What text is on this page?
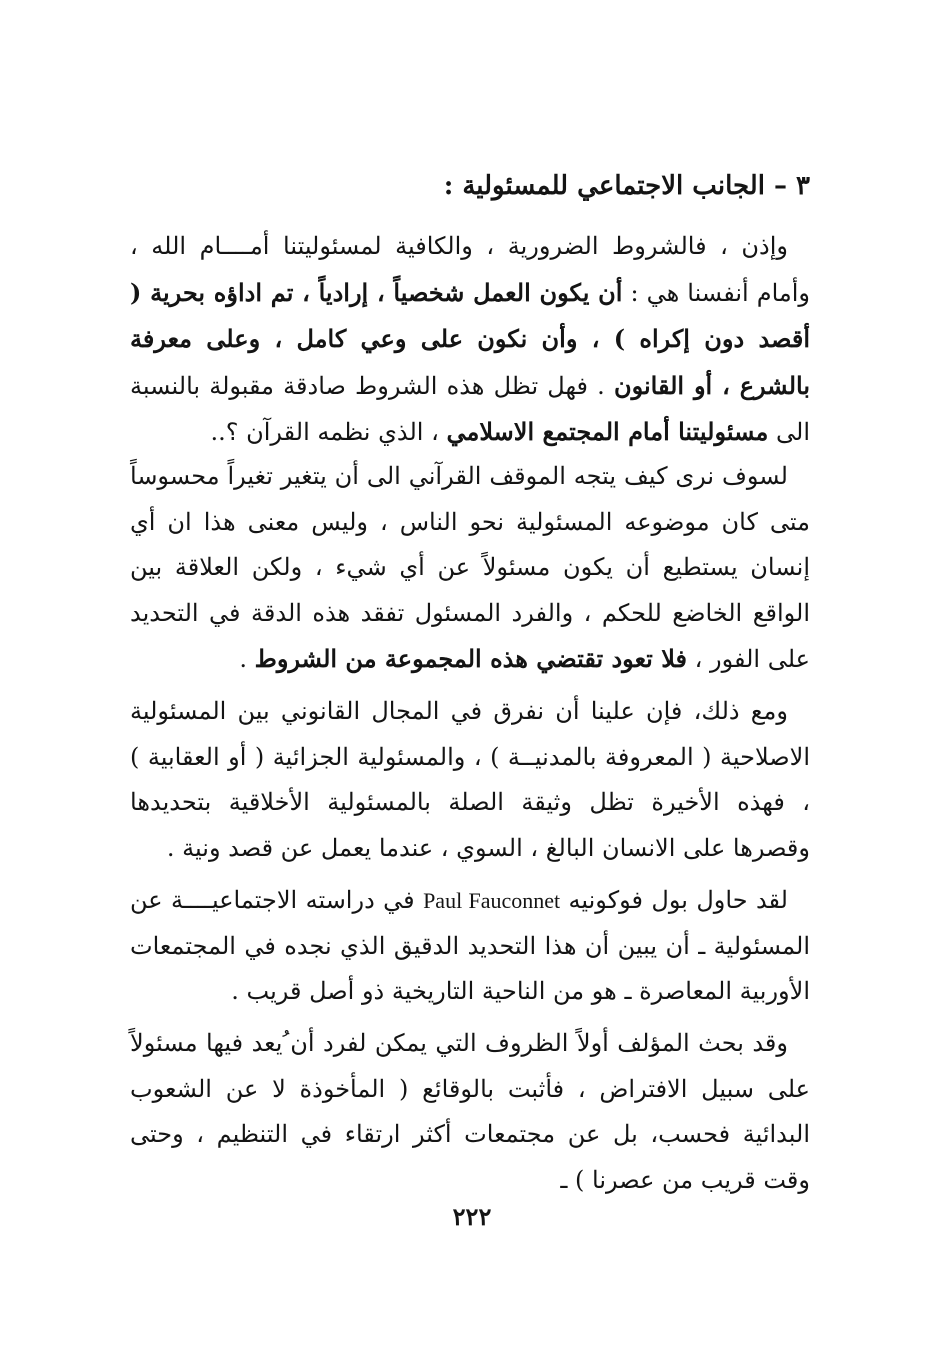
٣ – الجانب الاجتماعي للمسئولية :
وإذن ، فالشروط الضرورية ، والكافية لمسئوليتنا أمــــام الله ، وأمام أنفسنا هي : أن يكون العمل شخصياً ، إرادياً ، تم اداؤه بحرية ( أقصد دون إكراه ) ، وأن نكون على وعي كامل ، وعلى معرفة بالشرع ، أو القانون . فهل تظل هذه الشروط صادقة مقبولة بالنسبة الى مسئوليتنا أمام المجتمع الاسلامي ، الذي نظمه القرآن ؟..
لسوف نرى كيف يتجه الموقف القرآني الى أن يتغير تغيراً محسوساً متى كان موضوعه المسئولية نحو الناس ، وليس معنى هذا ان أي إنسان يستطيع أن يكون مسئولاً عن أي شيء ، ولكن العلاقة بين الواقع الخاضع للحكم ، والفرد المسئول تفقد هذه الدقة في التحديد على الفور ، فلا تعود تقتضي هذه المجموعة من الشروط .
ومع ذلك، فإن علينا أن نفرق في المجال القانوني بين المسئولية الاصلاحية ( المعروفة بالمدنيــة ) ، والمسئولية الجزائية ( أو العقابية ) ، فهذه الأخيرة تظل وثيقة الصلة بالمسئولية الأخلاقية بتحديدها وقصرها على الانسان البالغ ، السوي ، عندما يعمل عن قصد ونية .
لقد حاول بول فوكونيه Paul Fauconnet في دراسته الاجتماعيــــة عن المسئولية ـ أن يبين أن هذا التحديد الدقيق الذي نجده في المجتمعات الأوربية المعاصرة ـ هو من الناحية التاريخية ذو أصل قريب .
وقد بحث المؤلف أولاً الظروف التي يمكن لفرد أن ُيعد فيها مسئولاً على سبيل الافتراض ، فأثبت بالوقائع ( المأخوذة لا عن الشعوب البدائية فحسب، بل عن مجتمعات أكثر ارتقاء في التنظيم ، وحتى وقت قريب من عصرنا ) ـ
٢٢٢
